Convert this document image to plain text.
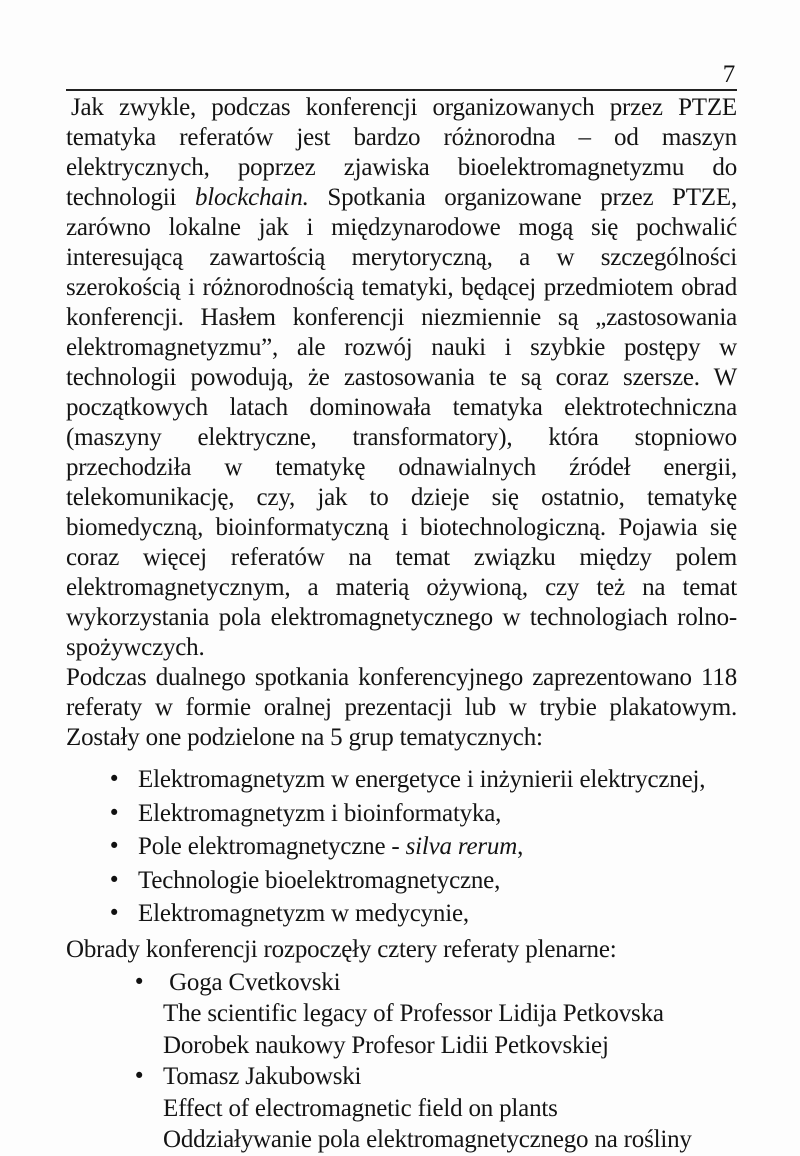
7

Jak zwykle, podczas konferencji organizowanych przez PTZE tematyka referatów jest bardzo różnorodna – od maszyn elektrycznych, poprzez zjawiska bioelektromagnetyzmu do technologii blockchain. Spotkania organizowane przez PTZE, zarówno lokalne jak i międzynarodowe mogą się pochwalić interesującą zawartością merytoryczną, a w szczególności szerokością i różnorodnością tematyki, będącej przedmiotem obrad konferencji. Hasłem konferencji niezmiennie są „zastosowania elektromagnetyzmu”, ale rozwój nauki i szybkie postępy w technologii powodują, że zastosowania te są coraz szersze. W początkowych latach dominowała tematyka elektrotechniczna (maszyny elektryczne, transformatory), która stopniowo przechodziła w tematykę odnawialnych źródeł energii, telekomunikację, czy, jak to dzieje się ostatnio, tematykę biomedyczną, bioinformatyczną i biotechnologiczną. Pojawia się coraz więcej referatów na temat związku między polem elektromagnetycznym, a materią ożywioną, czy też na temat wykorzystania pola elektromagnetycznego w technologiach rolno-spożywczych.

Podczas dualnego spotkania konferencyjnego zaprezentowano 118 referaty w formie oralnej prezentacji lub w trybie plakatowym. Zostały one podzielone na 5 grup tematycznych:

• Elektromagnetyzm w energetyce i inżynierii elektrycznej,
• Elektromagnetyzm i bioinformatyka,
• Pole elektromagnetyczne - silva rerum,
• Technologie bioelektromagnetyczne,
• Elektromagnetyzm w medycynie,

Obrady konferencji rozpoczęły cztery referaty plenarne:

• Goga Cvetkovski
The scientific legacy of Professor Lidija Petkovska
Dorobek naukowy Profesor Lidii Petkovskiej
• Tomasz Jakubowski
Effect of electromagnetic field on plants
Oddziaływanie pola elektromagnetycznego na rośliny
